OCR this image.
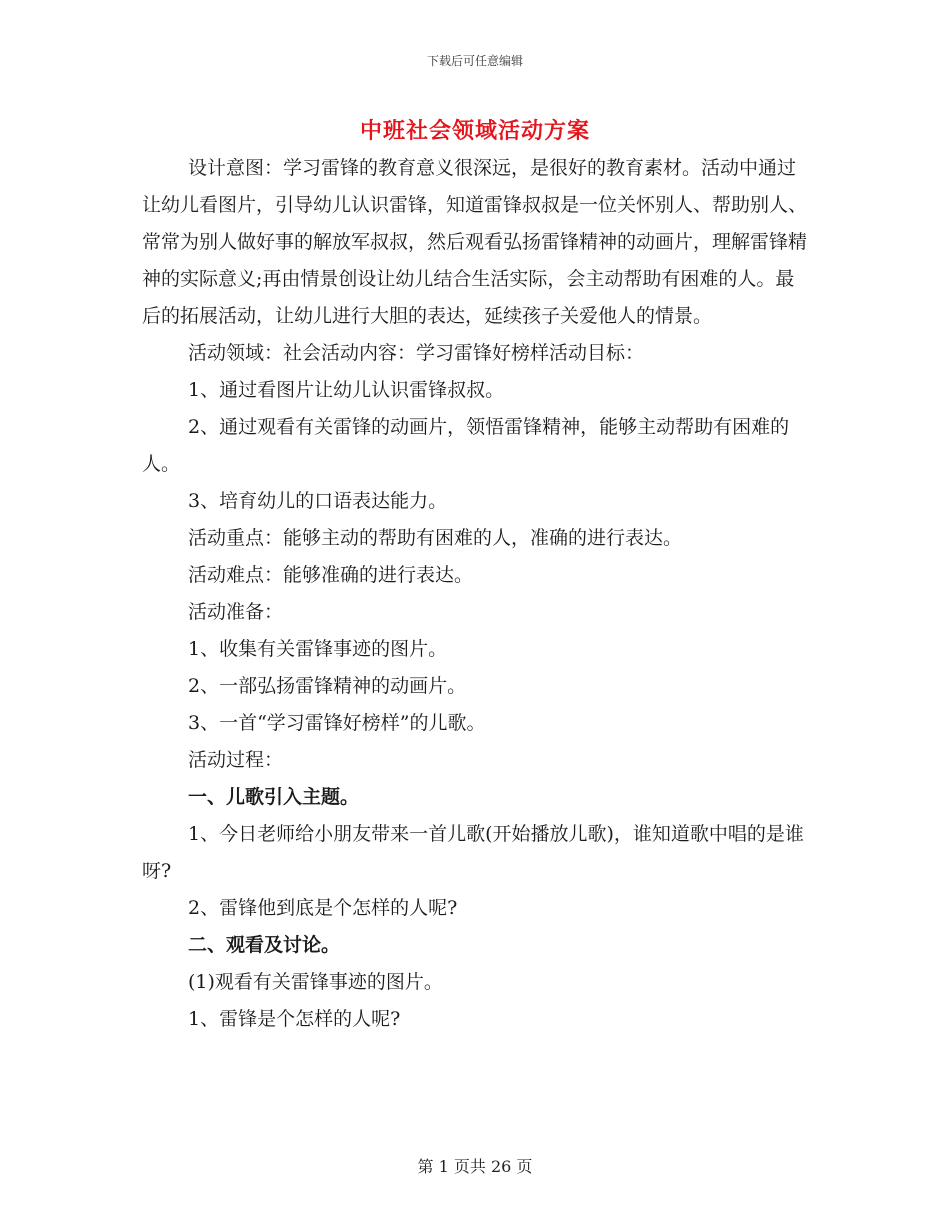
下载后可任意编辑
中班社会领域活动方案

设计意图：学习雷锋的教育意义很深远，是很好的教育素材。活动中通过让幼儿看图片，引导幼儿认识雷锋，知道雷锋叔叔是一位关怀别人、帮助别人、常常为别人做好事的解放军叔叔，然后观看弘扬雷锋精神的动画片，理解雷锋精神的实际意义;再由情景创设让幼儿结合生活实际，会主动帮助有困难的人。最后的拓展活动，让幼儿进行大胆的表达，延续孩子关爱他人的情景。

活动领域：社会活动内容：学习雷锋好榜样活动目标：

1、通过看图片让幼儿认识雷锋叔叔。

2、通过观看有关雷锋的动画片，领悟雷锋精神，能够主动帮助有困难的人。

3、培育幼儿的口语表达能力。

活动重点：能够主动的帮助有困难的人，准确的进行表达。

活动难点：能够准确的进行表达。

活动准备：

1、收集有关雷锋事迹的图片。

2、一部弘扬雷锋精神的动画片。

3、一首“学习雷锋好榜样”的儿歌。

活动过程：

一、儿歌引入主题。

1、今日老师给小朋友带来一首儿歌(开始播放儿歌)，谁知道歌中唱的是谁呀?

2、雷锋他到底是个怎样的人呢?

二、观看及讨论。

(1)观看有关雷锋事迹的图片。

1、雷锋是个怎样的人呢?

第 1 页共 26 页
